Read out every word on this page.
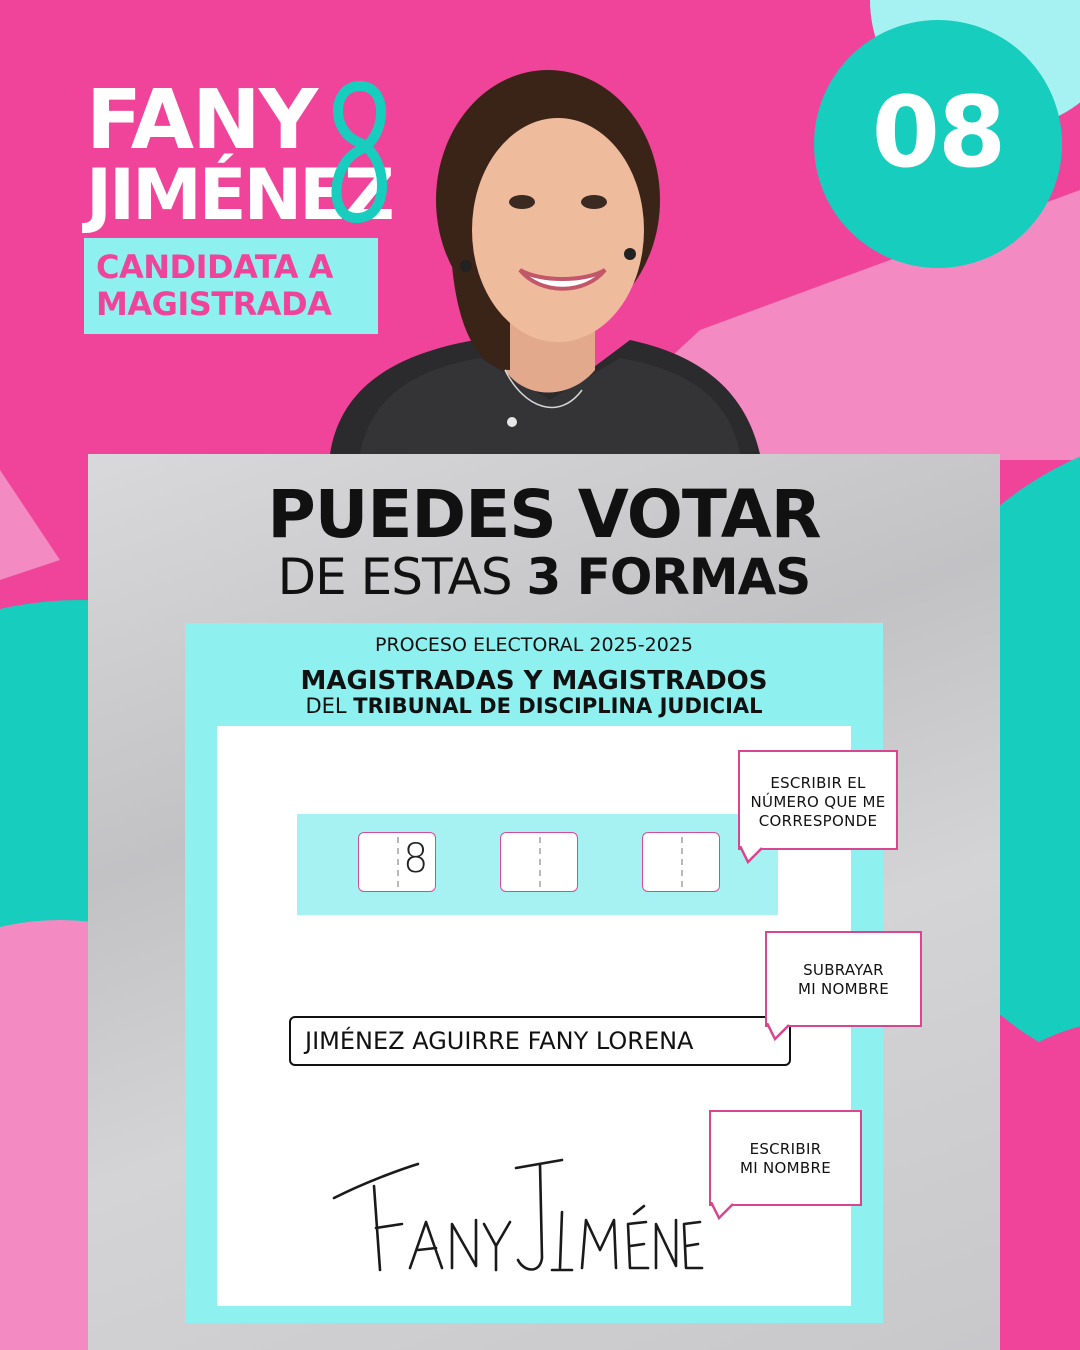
08
FANY
JIMÉNEZ
CANDIDATA A
MAGISTRADA
PUEDES VOTAR
DE ESTAS 3 FORMAS
PROCESO ELECTORAL 2025-2025
MAGISTRADAS Y MAGISTRADOS
DEL TRIBUNAL DE DISCIPLINA JUDICIAL
8
JIMÉNEZ AGUIRRE FANY LORENA
FANY JIMÉNEZ
ESCRIBIR EL
NÚMERO QUE ME
CORRESPONDE
SUBRAYAR
MI NOMBRE
ESCRIBIR
MI NOMBRE
